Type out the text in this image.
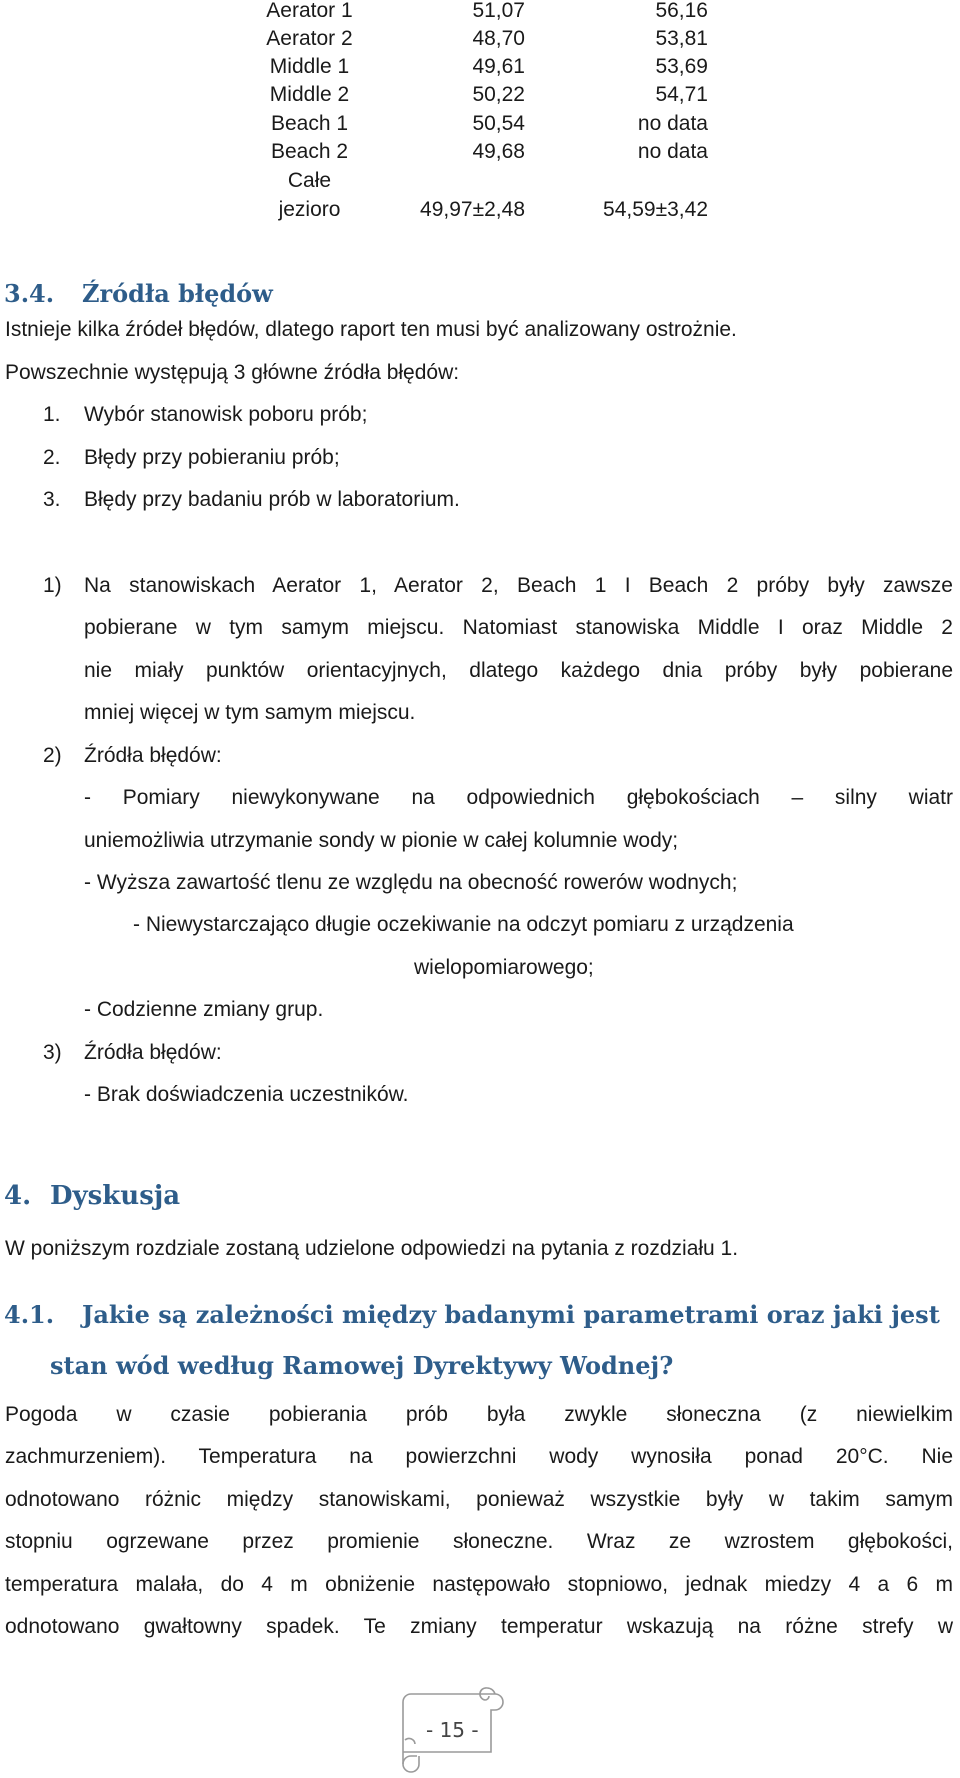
Aerator 1	51,07	56,16
Aerator 2	48,70	53,81
Middle 1	49,61	53,69
Middle 2	50,22	54,71
Beach 1	50,54	no data
Beach 2	49,68	no data
Całe
jezioro	49,97±2,48	54,59±3,42
3.4. Źródła błędów
Istnieje kilka źródeł błędów, dlatego raport ten musi być analizowany ostrożnie.
Powszechnie występują 3 główne źródła błędów:
1. Wybór stanowisk poboru prób;
2. Błędy przy pobieraniu prób;
3. Błędy przy badaniu prób w laboratorium.
1) Na stanowiskach Aerator 1, Aerator 2, Beach 1 I Beach 2 próby były zawsze
pobierane w tym samym miejscu. Natomiast stanowiska Middle I oraz Middle 2
nie miały punktów orientacyjnych, dlatego każdego dnia próby były pobierane
mniej więcej w tym samym miejscu.
2) Źródła błędów:
- Pomiary niewykonywane na odpowiednich głębokościach – silny wiatr
uniemożliwia utrzymanie sondy w pionie w całej kolumnie wody;
- Wyższa zawartość tlenu ze względu na obecność rowerów wodnych;
- Niewystarczająco długie oczekiwanie na odczyt pomiaru z urządzenia
wielopomiarowego;
- Codzienne zmiany grup.
3) Źródła błędów:
- Brak doświadczenia uczestników.
4. Dyskusja
W poniższym rozdziale zostaną udzielone odpowiedzi na pytania z rozdziału 1.
4.1. Jakie są zależności między badanymi parametrami oraz jaki jest
stan wód według Ramowej Dyrektywy Wodnej?
Pogoda w czasie pobierania prób była zwykle słoneczna (z niewielkim
zachmurzeniem). Temperatura na powierzchni wody wynosiła ponad 20°C. Nie
odnotowano różnic między stanowiskami, ponieważ wszystkie były w takim samym
stopniu ogrzewane przez promienie słoneczne. Wraz ze wzrostem głębokości,
temperatura malała, do 4 m obniżenie następowało stopniowo, jednak miedzy 4 a 6 m
odnotowano gwałtowny spadek. Te zmiany temperatur wskazują na różne strefy w
- 15 -
